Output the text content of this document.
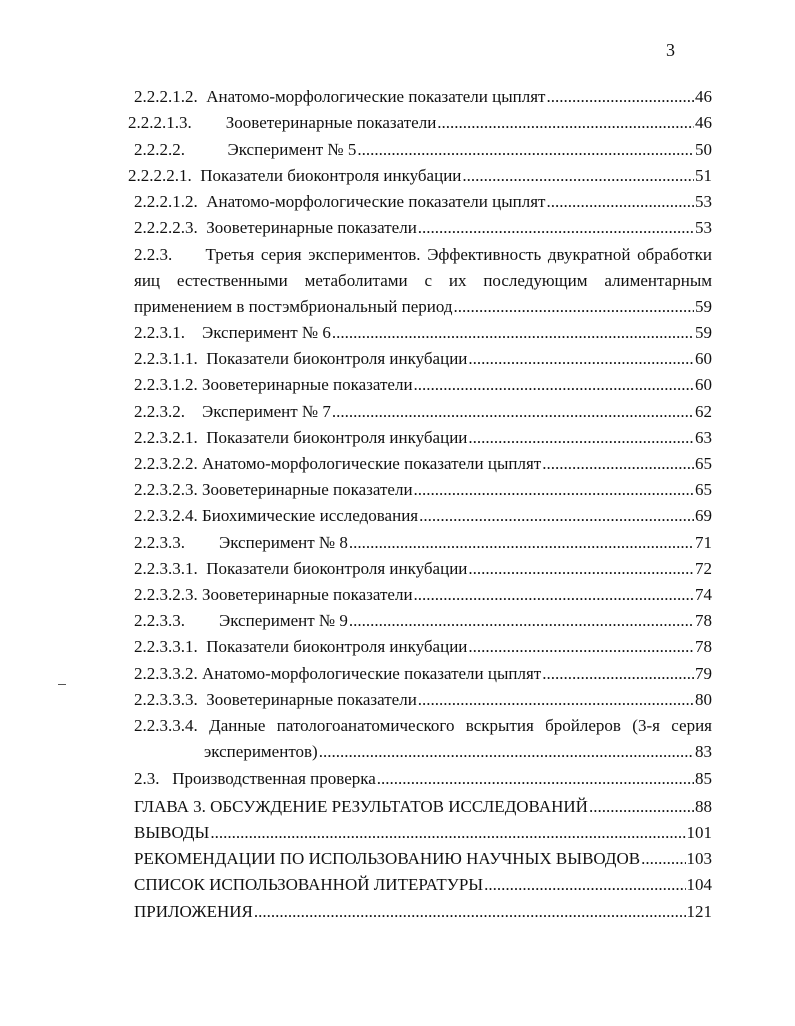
3
2.2.2.1.2. Анатомо-морфологические показатели цыплят .....	46
2.2.2.1.3. Зооветеринарные показатели .....	46
2.2.2.2.	Эксперимент № 5 .....	50
2.2.2.2.1. Показатели биоконтроля инкубации .....	51
2.2.2.1.2. Анатомо-морфологические показатели цыплят .....	53
2.2.2.2.3. Зооветеринарные показатели .....	53
2.2.3. Третья серия экспериментов. Эффективность двукратной обработки
яиц естественными метаболитами с их последующим алиментарным
применением в постэмбриональный период .....	59
2.2.3.1. Эксперимент № 6 .....	59
2.2.3.1.1. Показатели биоконтроля инкубации .....	60
2.2.3.1.2. Зооветеринарные показатели .....	60
2.2.3.2. Эксперимент № 7 .....	62
2.2.3.2.1. Показатели биоконтроля инкубации .....	63
2.2.3.2.2. Анатомо-морфологические показатели цыплят .....	65
2.2.3.2.3. Зооветеринарные показатели .....	65
2.2.3.2.4. Биохимические исследования .....	69
2.2.3.3. Эксперимент № 8 .....	71
2.2.3.3.1. Показатели биоконтроля инкубации .....	72
2.2.3.2.3. Зооветеринарные показатели .....	74
2.2.3.3. Эксперимент № 9 .....	78
2.2.3.3.1. Показатели биоконтроля инкубации .....	78
2.2.3.3.2. Анатомо-морфологические показатели цыплят .....	79
2.2.3.3.3. Зооветеринарные показатели .....	80
2.2.3.3.4. Данные патологоанатомического вскрытия бройлеров (3-я серия
экспериментов) .....	83
2.3. Производственная проверка .....	85
ГЛАВА 3. ОБСУЖДЕНИЕ РЕЗУЛЬТАТОВ ИССЛЕДОВАНИЙ .....	88
ВЫВОДЫ .....	101
РЕКОМЕНДАЦИИ ПО ИСПОЛЬЗОВАНИЮ НАУЧНЫХ ВЫВОДОВ .....	103
СПИСОК ИСПОЛЬЗОВАННОЙ ЛИТЕРАТУРЫ .....	104
ПРИЛОЖЕНИЯ .....	121
